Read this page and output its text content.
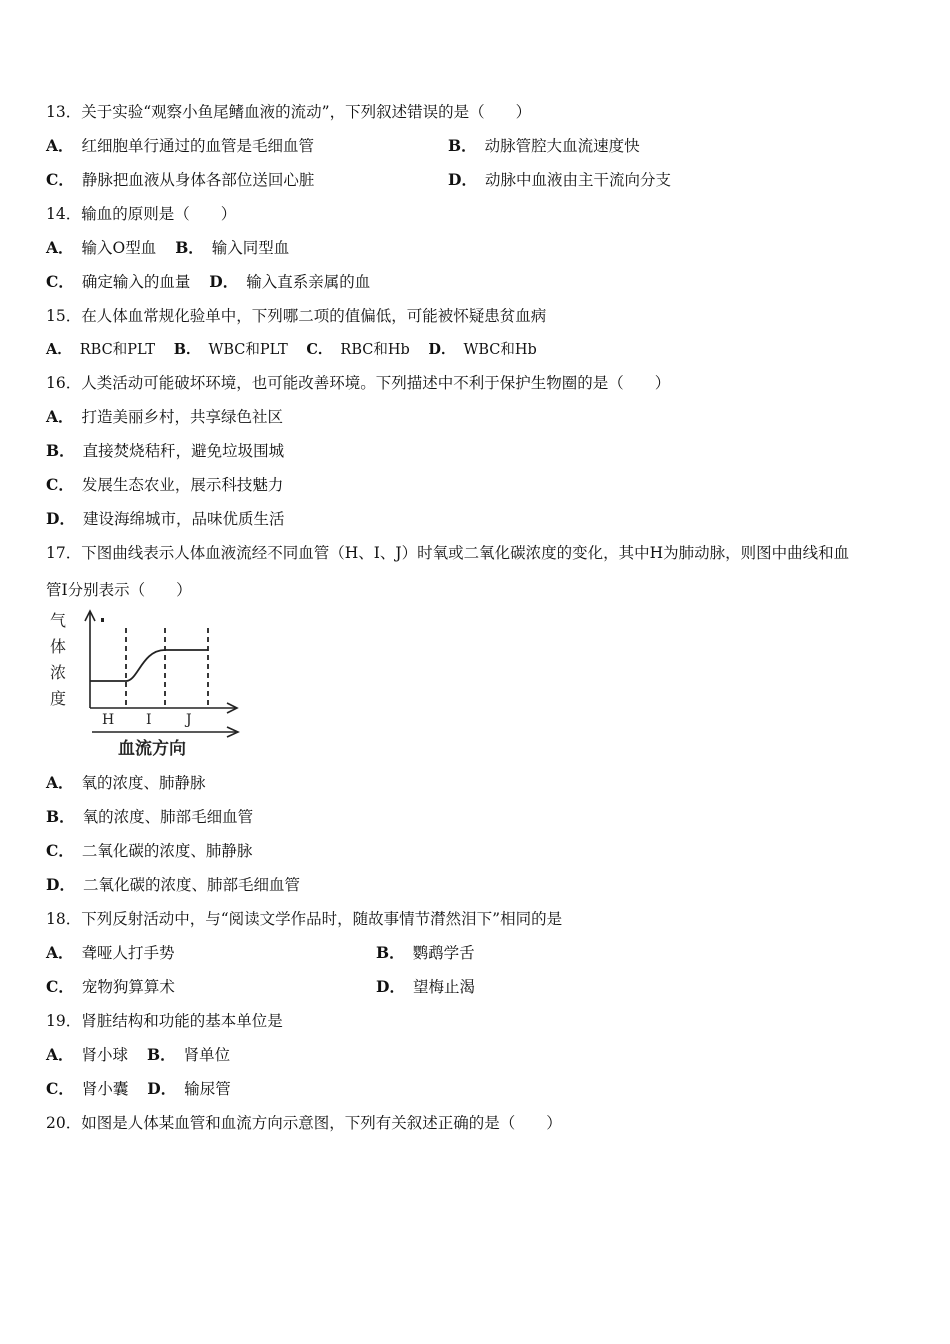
13．关于实验“观察小鱼尾鳍血液的流动”，下列叙述错误的是（　　）
A． 红细胞单行通过的血管是毛细血管	B． 动脉管腔大血流速度快
C． 静脉把血液从身体各部位送回心脏	D． 动脉中血液由主干流向分支
14．输血的原则是（　　）
A． 输入O型血 B． 输入同型血
C． 确定输入的血量 D． 输入直系亲属的血
15．在人体血常规化验单中，下列哪二项的值偏低，可能被怀疑患贫血病
A． RBC和PLT B． WBC和PLT C． RBC和Hb D． WBC和Hb
16．人类活动可能破坏环境，也可能改善环境。下列描述中不利于保护生物圈的是（　　）
A． 打造美丽乡村，共享绿色社区
B． 直接焚烧秸秆，避免垃圾围城
C． 发展生态农业，展示科技魅力
D． 建设海绵城市，品味优质生活
17．下图曲线表示人体血液流经不同血管（H、I、J）时氧或二氧化碳浓度的变化，其中H为肺动脉，则图中曲线和血
管I分别表示（　　）
气
体
浓
度
H I J
血流方向
A． 氧的浓度、肺静脉
B． 氧的浓度、肺部毛细血管
C． 二氧化碳的浓度、肺静脉
D． 二氧化碳的浓度、肺部毛细血管
18．下列反射活动中，与“阅读文学作品时，随故事情节潸然泪下”相同的是
A． 聋哑人打手势	B． 鹦鹉学舌
C． 宠物狗算算术	D． 望梅止渴
19．肾脏结构和功能的基本单位是
A． 肾小球 B． 肾单位
C． 肾小囊 D． 输尿管
20．如图是人体某血管和血流方向示意图，下列有关叙述正确的是（　　）
